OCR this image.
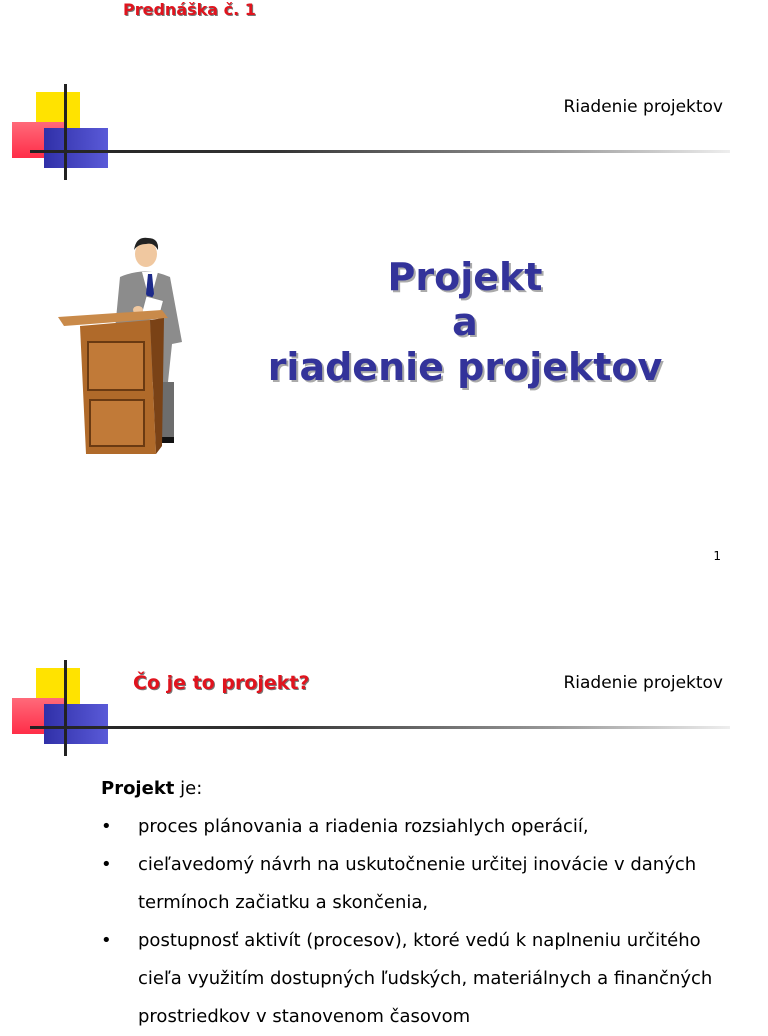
Prednáška č. 1
Riadenie projektov
Projekt
a
riadenie projektov
1
Čo je to projekt?	Riadenie projektov
Projekt je:
• proces plánovania a riadenia rozsiahlych operácií,
• cieľavedomý návrh na uskutočnenie určitej inovácie v daných termínoch začiatku a skončenia,
• postupnosť aktivít (procesov), ktoré vedú k naplneniu určitého cieľa využitím dostupných ľudských, materiálnych a finančných prostriedkov v stanovenom časovom
